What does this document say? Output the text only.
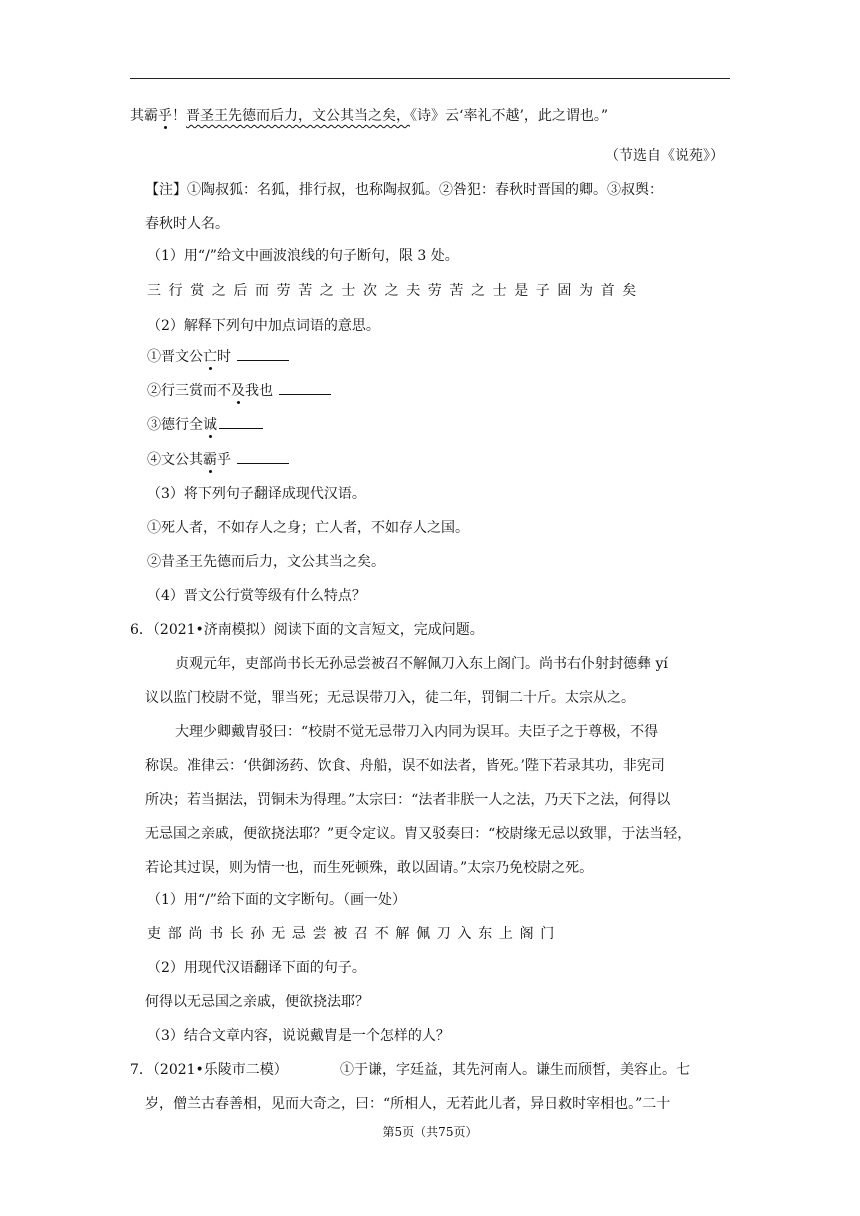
其霸乎！晋圣王先德而后力，文公其当之矣，《诗》云‘率礼不越’，此之谓也。”
（节选自《说苑》）
【注】①陶叔狐：名狐，排行叔，也称陶叔狐。②咎犯：春秋时晋国的卿。③叔舆：
春秋时人名。
（1）用“/”给文中画波浪线的句子断句，限 3 处。
三行赏之后而劳苦之士次之夫劳苦之士是子固为首矣
（2）解释下列句中加点词语的意思。
①晋文公亡时
②行三赏而不及我也
③德行全诚
④文公其霸乎
（3）将下列句子翻译成现代汉语。
①死人者，不如存人之身；亡人者，不如存人之国。
②昔圣王先德而后力，文公其当之矣。
（4）晋文公行赏等级有什么特点？
6．（2021•济南模拟）阅读下面的文言短文，完成问题。
贞观元年，吏部尚书长无孙忌尝被召不解佩刀入东上阁门。尚书右仆射封德彝 yí
议以监门校尉不觉，罪当死；无忌误带刀入，徒二年，罚铜二十斤。太宗从之。
大理少卿戴胄驳曰：“校尉不觉无忌带刀入内同为误耳。夫臣子之于尊极，不得
称误。准律云：‘供御汤药、饮食、舟船，误不如法者，皆死。’陛下若录其功，非宪司
所决；若当据法，罚铜未为得理。”太宗曰：“法者非朕一人之法，乃天下之法，何得以
无忌国之亲戚，便欲挠法耶？”更令定议。胄又驳奏曰：“校尉缘无忌以致罪，于法当轻，
若论其过误，则为情一也，而生死顿殊，敢以固请。”太宗乃免校尉之死。
（1）用“/”给下面的文字断句。（画一处）
吏部尚书长孙无忌尝被召不解佩刀入东上阁门
（2）用现代汉语翻译下面的句子。
何得以无忌国之亲戚，便欲挠法耶？
（3）结合文章内容，说说戴胄是一个怎样的人？
7．（2021•乐陵市二模）	①于谦，字廷益，其先河南人。谦生而颀皙，美容止。七
岁，僧兰古春善相，见而大奇之，曰：“所相人，无若此儿者，异日救时宰相也。”二十
第5页（共75页）
